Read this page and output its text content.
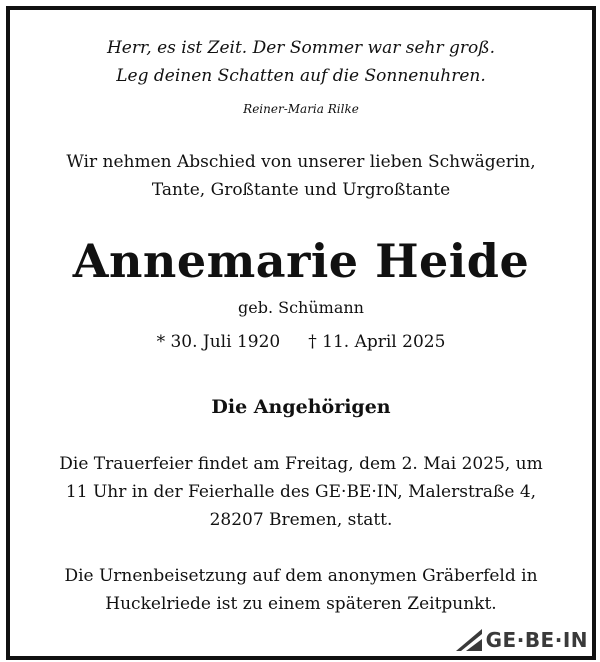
Herr, es ist Zeit. Der Sommer war sehr groß.
Leg deinen Schatten auf die Sonnenuhren.
Reiner-Maria Rilke
Wir nehmen Abschied von unserer lieben Schwägerin,
Tante, Großtante und Urgroßtante
Annemarie Heide
geb. Schümann
* 30. Juli 1920 † 11. April 2025
Die Angehörigen
Die Trauerfeier findet am Freitag, dem 2. Mai 2025, um
11 Uhr in der Feierhalle des GE·BE·IN, Malerstraße 4,
28207 Bremen, statt.
Die Urnenbeisetzung auf dem anonymen Gräberfeld in
Huckelriede ist zu einem späteren Zeitpunkt.
GE·BE·IN
